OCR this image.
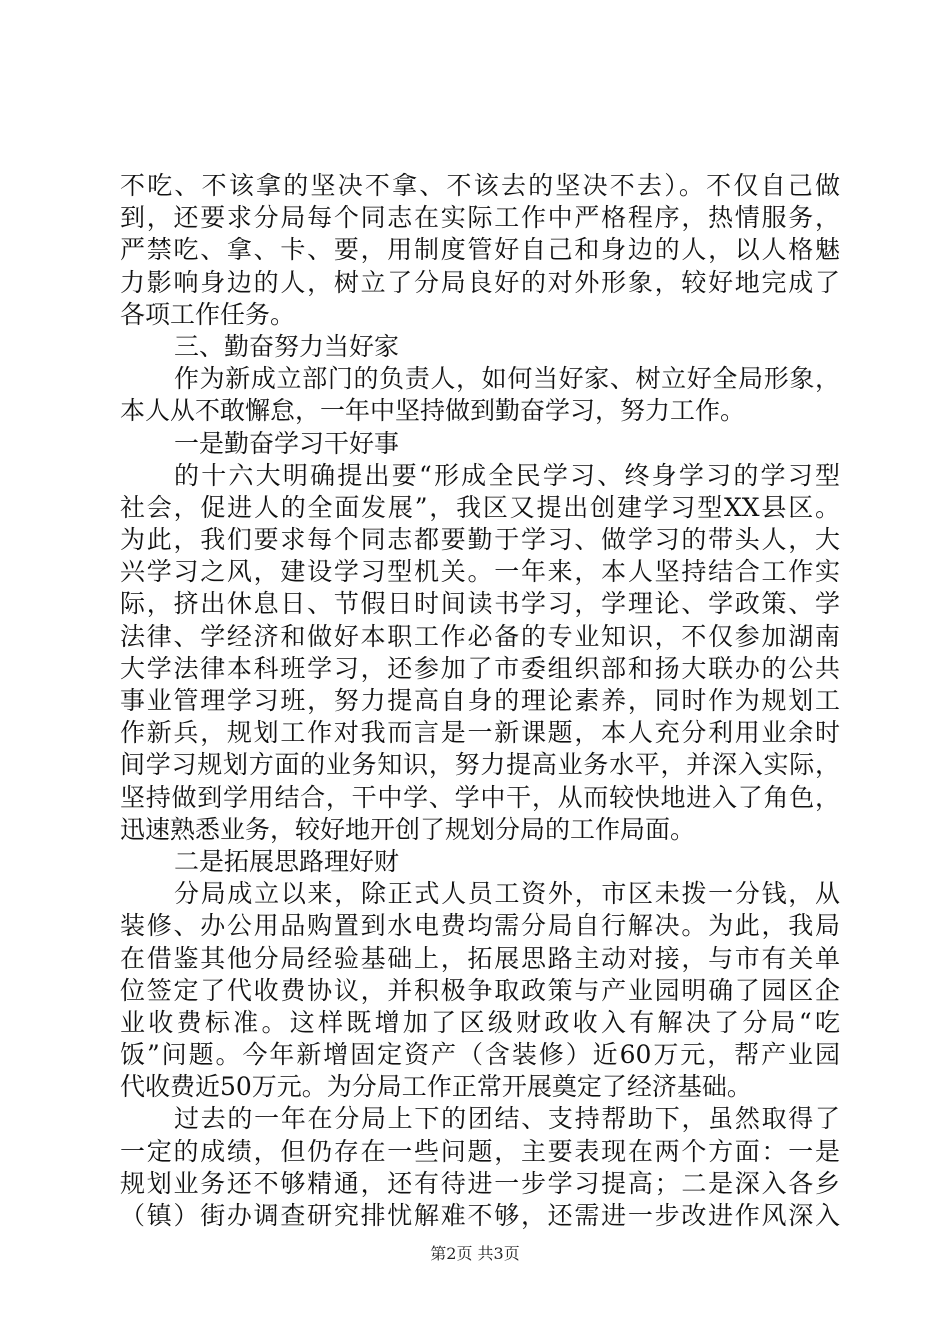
不吃、不该拿的坚决不拿、不该去的坚决不去）。不仅自己做
到，还要求分局每个同志在实际工作中严格程序，热情服务，
严禁吃、拿、卡、要，用制度管好自己和身边的人，以人格魅
力影响身边的人，树立了分局良好的对外形象，较好地完成了
各项工作任务。
三、勤奋努力当好家
作为新成立部门的负责人，如何当好家、树立好全局形象，
本人从不敢懈怠，一年中坚持做到勤奋学习，努力工作。
一是勤奋学习干好事
的十六大明确提出要“形成全民学习、终身学习的学习型
社会，促进人的全面发展”，我区又提出创建学习型XX县区。
为此，我们要求每个同志都要勤于学习、做学习的带头人，大
兴学习之风，建设学习型机关。一年来，本人坚持结合工作实
际，挤出休息日、节假日时间读书学习，学理论、学政策、学
法律、学经济和做好本职工作必备的专业知识，不仅参加湖南
大学法律本科班学习，还参加了市委组织部和扬大联办的公共
事业管理学习班，努力提高自身的理论素养，同时作为规划工
作新兵，规划工作对我而言是一新课题，本人充分利用业余时
间学习规划方面的业务知识，努力提高业务水平，并深入实际，
坚持做到学用结合，干中学、学中干，从而较快地进入了角色，
迅速熟悉业务，较好地开创了规划分局的工作局面。
二是拓展思路理好财
分局成立以来，除正式人员工资外，市区未拨一分钱，从
装修、办公用品购置到水电费均需分局自行解决。为此，我局
在借鉴其他分局经验基础上，拓展思路主动对接，与市有关单
位签定了代收费协议，并积极争取政策与产业园明确了园区企
业收费标准。这样既增加了区级财政收入有解决了分局“吃
饭”问题。今年新增固定资产（含装修）近60万元，帮产业园
代收费近50万元。为分局工作正常开展奠定了经济基础。
过去的一年在分局上下的团结、支持帮助下，虽然取得了
一定的成绩，但仍存在一些问题，主要表现在两个方面：一是
规划业务还不够精通，还有待进一步学习提高；二是深入各乡
（镇）街办调查研究排忧解难不够，还需进一步改进作风深入
第2页 共3页
